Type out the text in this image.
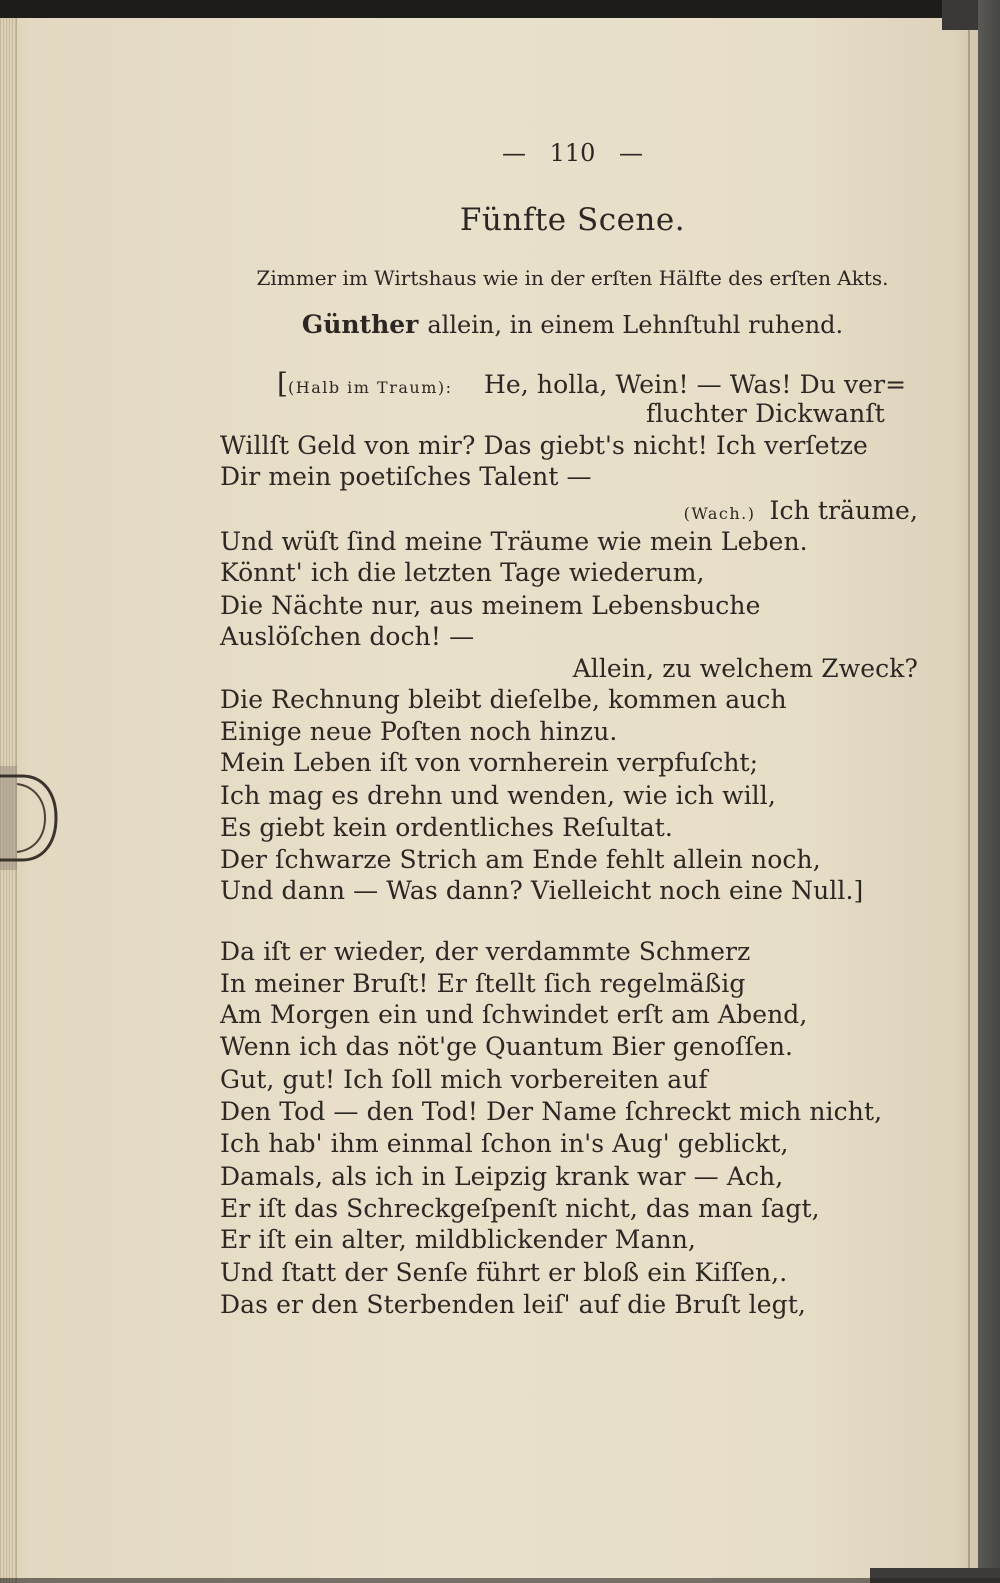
— 110 —
Fünfte Scene.
Zimmer im Wirtshaus wie in der erſten Hälfte des erſten Akts.
Günther allein, in einem Lehnſtuhl ruhend.
[(Halb im Traum): He, holla, Wein! — Was! Du ver=
fluchter Dickwanſt
Willſt Geld von mir? Das giebt's nicht! Ich verſetze
Dir mein poetiſches Talent —
(Wach.) Ich träume,
Und wüſt ſind meine Träume wie mein Leben.
Könnt' ich die letzten Tage wiederum,
Die Nächte nur, aus meinem Lebensbuche
Auslöſchen doch! —
Allein, zu welchem Zweck?
Die Rechnung bleibt dieſelbe, kommen auch
Einige neue Poſten noch hinzu.
Mein Leben iſt von vornherein verpfuſcht;
Ich mag es drehn und wenden, wie ich will,
Es giebt kein ordentliches Reſultat.
Der ſchwarze Strich am Ende fehlt allein noch,
Und dann — Was dann? Vielleicht noch eine Null.]
Da iſt er wieder, der verdammte Schmerz
In meiner Bruſt! Er ſtellt ſich regelmäßig
Am Morgen ein und ſchwindet erſt am Abend,
Wenn ich das nöt'ge Quantum Bier genoſſen.
Gut, gut! Ich ſoll mich vorbereiten auf
Den Tod — den Tod! Der Name ſchreckt mich nicht,
Ich hab' ihm einmal ſchon in's Aug' geblickt,
Damals, als ich in Leipzig krank war — Ach,
Er iſt das Schreckgeſpenſt nicht, das man ſagt,
Er iſt ein alter, mildblickender Mann,
Und ſtatt der Senſe führt er bloß ein Kiſſen,.
Das er den Sterbenden leiſ' auf die Bruſt legt,
